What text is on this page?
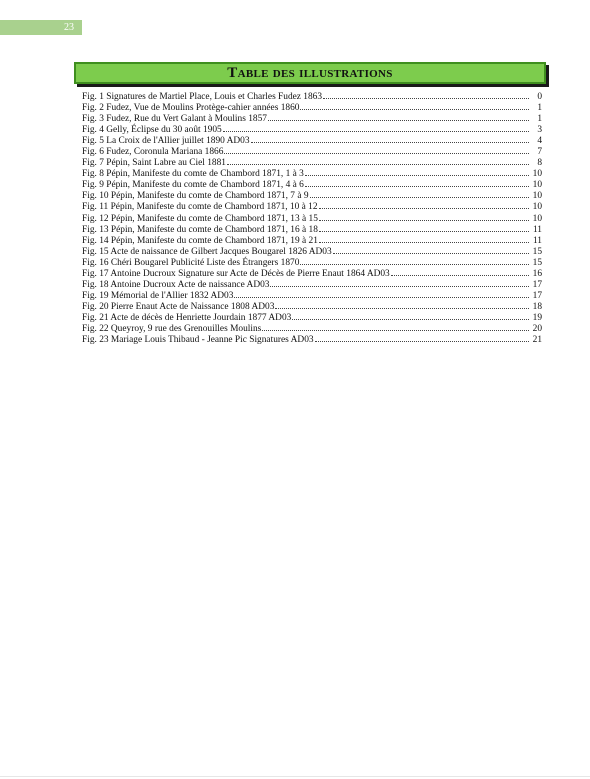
23
Table des illustrations
Fig. 1 Signatures de Martiel Place, Louis et Charles Fudez 1863	0
Fig. 2 Fudez, Vue de Moulins Protège-cahier années 1860	1
Fig. 3 Fudez, Rue du Vert Galant à Moulins 1857	1
Fig. 4 Gelly, Éclipse du 30 août 1905	3
Fig. 5 La Croix de l'Allier juillet 1890 AD03	4
Fig. 6 Fudez, Coronula Mariana 1866	7
Fig. 7 Pépin, Saint Labre au Ciel 1881	8
Fig. 8 Pépin, Manifeste du comte de Chambord 1871, 1 à 3	10
Fig. 9 Pépin, Manifeste du comte de Chambord 1871, 4 à 6	10
Fig. 10 Pépin, Manifeste du comte de Chambord 1871, 7 à 9	10
Fig. 11 Pépin, Manifeste du comte de Chambord 1871, 10 à 12	10
Fig. 12 Pépin, Manifeste du comte de Chambord 1871, 13 à 15	10
Fig. 13 Pépin, Manifeste du comte de Chambord 1871, 16 à 18	11
Fig. 14 Pépin, Manifeste du comte de Chambord 1871, 19 à 21	11
Fig. 15 Acte de naissance de Gilbert Jacques Bougarel 1826 AD03	15
Fig. 16 Chéri Bougarel Publicité Liste des Étrangers 1870	15
Fig. 17 Antoine Ducroux Signature sur Acte de Décès de Pierre Enaut 1864 AD03	16
Fig. 18 Antoine Ducroux Acte de naissance AD03	17
Fig. 19 Mémorial de l'Allier 1832 AD03	17
Fig. 20 Pierre Enaut Acte de Naissance 1808 AD03	18
Fig. 21 Acte de décès de Henriette Jourdain 1877 AD03	19
Fig. 22 Queyroy, 9 rue des Grenouilles Moulins	20
Fig. 23 Mariage Louis Thibaud - Jeanne Pic Signatures AD03	21
